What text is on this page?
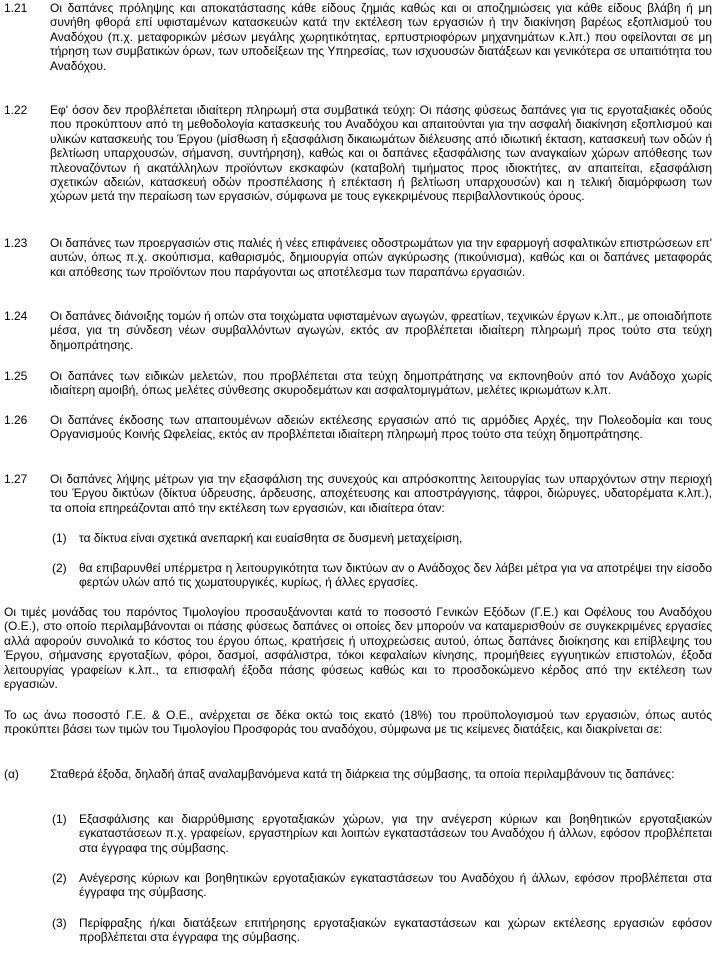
1.21 Οι δαπάνες πρόληψης και αποκατάστασης κάθε είδους ζημιάς καθώς και οι αποζημιώσεις για κάθε είδους βλάβη ή μη συνήθη φθορά επί υφισταμένων κατασκευών κατά την εκτέλεση των εργασιών ή την διακίνηση βαρέως εξοπλισμού του Αναδόχου (π.χ. μεταφορικών μέσων μεγάλης χωρητικότητας, ερπυστριοφόρων μηχανημάτων κ.λπ.) που οφείλονται σε μη τήρηση των συμβατικών όρων, των υποδείξεων της Υπηρεσίας, των ισχυουσών διατάξεων και γενικότερα σε υπαιτιότητα του Αναδόχου.

1.22 Εφ' όσον δεν προβλέπεται ιδιαίτερη πληρωμή στα συμβατικά τεύχη: Οι πάσης φύσεως δαπάνες για τις εργοταξιακές οδούς που προκύπτουν από τη μεθοδολογία κατασκευής του Αναδόχου και απαιτούνται για την ασφαλή διακίνηση εξοπλισμού και υλικών κατασκευής του Έργου (μίσθωση ή εξασφάλιση δικαιωμάτων διέλευσης από ιδιωτική έκταση, κατασκευή των οδών ή βελτίωση υπαρχουσών, σήμανση, συντήρηση), καθώς και οι δαπάνες εξασφάλισης των αναγκαίων χώρων απόθεσης των πλεοναζόντων ή ακατάλληλων προϊόντων εκσκαφών (καταβολή τιμήματος προς ιδιοκτήτες, αν απαιτείται, εξασφάλιση σχετικών αδειών, κατασκευή οδών προσπέλασης ή επέκταση ή βελτίωση υπαρχουσών) και η τελική διαμόρφωση των χώρων μετά την περαίωση των εργασιών, σύμφωνα με τους εγκεκριμένους περιβαλλοντικούς όρους.

1.23 Οι δαπάνες των προεργασιών στις παλιές ή νέες επιφάνειες οδοστρωμάτων για την εφαρμογή ασφαλτικών επιστρώσεων επ' αυτών, όπως π.χ. σκούπισμα, καθαρισμός, δημιουργία οπών αγκύρωσης (πικούνισμα), καθώς και οι δαπάνες μεταφοράς και απόθεσης των προϊόντων που παράγονται ως αποτέλεσμα των παραπάνω εργασιών.

1.24 Οι δαπάνες διάνοιξης τομών ή οπών στα τοιχώματα υφισταμένων αγωγών, φρεατίων, τεχνικών έργων κ.λπ., με οποιαδήποτε μέσα, για τη σύνδεση νέων συμβαλλόντων αγωγών, εκτός αν προβλέπεται ιδιαίτερη πληρωμή προς τούτο στα τεύχη δημοπράτησης.

1.25 Οι δαπάνες των ειδικών μελετών, που προβλέπεται στα τεύχη δημοπράτησης να εκπονηθούν από τον Ανάδοχο χωρίς ιδιαίτερη αμοιβή, όπως μελέτες σύνθεσης σκυροδεμάτων και ασφαλτομιγμάτων, μελέτες ικριωμάτων κ.λπ.

1.26 Οι δαπάνες έκδοσης των απαιτουμένων αδειών εκτέλεσης εργασιών από τις αρμόδιες Αρχές, την Πολεοδομία και τους Οργανισμούς Κοινής Ωφελείας, εκτός αν προβλέπεται ιδιαίτερη πληρωμή προς τούτο στα τεύχη δημοπράτησης.

1.27 Οι δαπάνες λήψης μέτρων για την εξασφάλιση της συνεχούς και απρόσκοπτης λειτουργίας των υπαρχόντων στην περιοχή του Έργου δικτύων (δίκτυα ύδρευσης, άρδευσης, αποχέτευσης και αποστράγγισης, τάφροι, διώρυγες, υδατορέματα κ.λπ.), τα οποία επηρεάζονται από την εκτέλεση των εργασιών, και ιδιαίτερα όταν:

(1) τα δίκτυα είναι σχετικά ανεπαρκή και ευαίσθητα σε δυσμενή μεταχείριση,

(2) θα επιβαρυνθεί υπέρμετρα η λειτουργικότητα των δικτύων αν ο Ανάδοχος δεν λάβει μέτρα για να αποτρέψει την είσοδο φερτών υλών από τις χωματουργικές, κυρίως, ή άλλες εργασίες.

Οι τιμές μονάδας του παρόντος Τιμολογίου προσαυξάνονται κατά το ποσοστό Γενικών Εξόδων (Γ.Ε.) και Οφέλους του Αναδόχου (Ο.Ε.), στο οποίο περιλαμβάνονται οι πάσης φύσεως δαπάνες οι οποίες δεν μπορούν να καταμερισθούν σε συγκεκριμένες εργασίες αλλά αφορούν συνολικά το κόστος του έργου όπως, κρατήσεις ή υποχρεώσεις αυτού, όπως δαπάνες διοίκησης και επίβλεψης του Έργου, σήμανσης εργοταξίων, φόροι, δασμοί, ασφάλιστρα, τόκοι κεφαλαίων κίνησης, προμήθειες εγγυητικών επιστολών, έξοδα λειτουργίας γραφείων κ.λπ., τα επισφαλή έξοδα πάσης φύσεως καθώς και το προσδοκώμενο κέρδος από την εκτέλεση των εργασιών.

Το ως άνω ποσοστό Γ.Ε. & Ο.Ε., ανέρχεται σε δέκα οκτώ τοις εκατό (18%) του προϋπολογισμού των εργασιών, όπως αυτός προκύπτει βάσει των τιμών του Τιμολογίου Προσφοράς του αναδόχου, σύμφωνα με τις κείμενες διατάξεις, και διακρίνεται σε:

(α)	Σταθερά έξοδα, δηλαδή άπαξ αναλαμβανόμενα κατά τη διάρκεια της σύμβασης, τα οποία περιλαμβάνουν τις δαπάνες:

(1) Εξασφάλισης και διαρρύθμισης εργοταξιακών χώρων, για την ανέγερση κύριων και βοηθητικών εργοταξιακών εγκαταστάσεων π.χ. γραφείων, εργαστηρίων και λοιπών εγκαταστάσεων του Αναδόχου ή άλλων, εφόσον προβλέπεται στα έγγραφα της σύμβασης.

(2) Ανέγερσης κύριων και βοηθητικών εργοταξιακών εγκαταστάσεων του Αναδόχου ή άλλων, εφόσον προβλέπεται στα έγγραφα της σύμβασης.

(3) Περίφραξης ή/και διατάξεων επιτήρησης εργοταξιακών εγκαταστάσεων και χώρων εκτέλεσης εργασιών εφόσον προβλέπεται στα έγγραφα της σύμβασης.
